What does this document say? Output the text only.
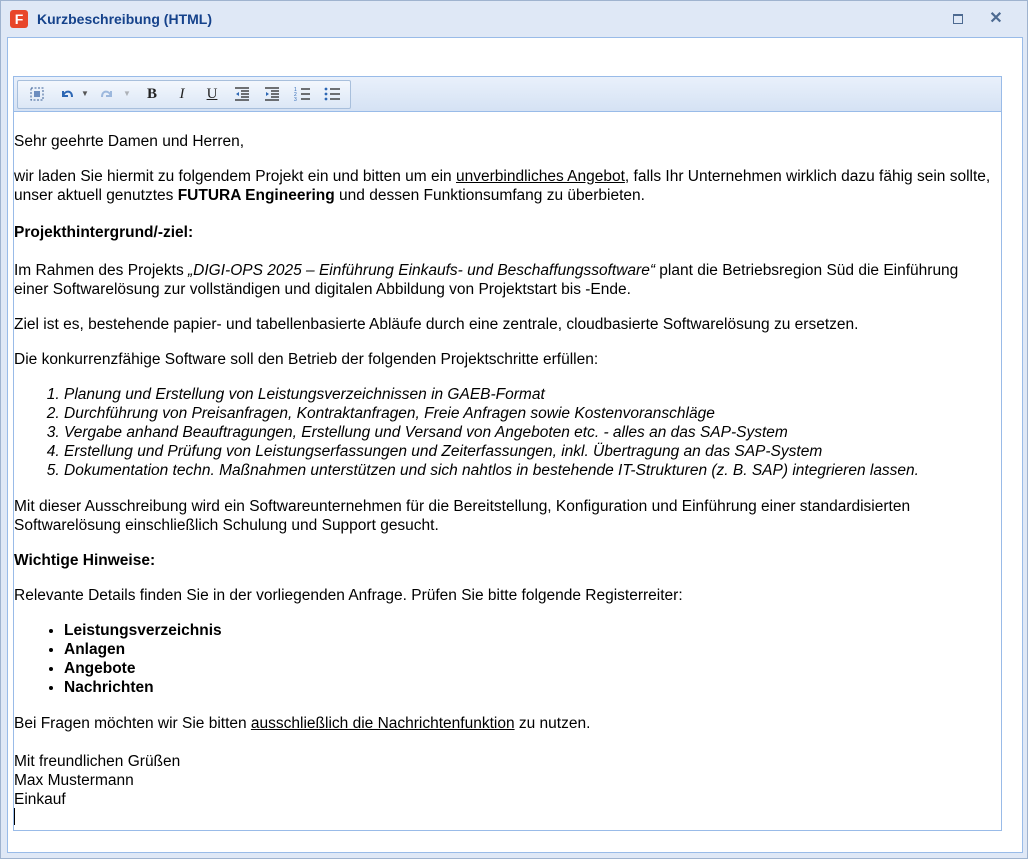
F Kurzbeschreibung (HTML)	✕
▼	▼	B	I	U	1
2
3

Sehr geehrte Damen und Herren,

wir laden Sie hiermit zu folgendem Projekt ein und bitten um ein unverbindliches Angebot, falls Ihr Unternehmen wirklich dazu fähig sein sollte, unser aktuell genutztes FUTURA Engineering und dessen Funktionsumfang zu überbieten.

Projekthintergrund/-ziel:

Im Rahmen des Projekts „DIGI-OPS 2025 – Einführung Einkaufs- und Beschaffungssoftware“ plant die Betriebsregion Süd die Einführung einer Softwarelösung zur vollständigen und digitalen Abbildung von Projektstart bis -Ende.

Ziel ist es, bestehende papier- und tabellenbasierte Abläufe durch eine zentrale, cloudbasierte Softwarelösung zu ersetzen.

Die konkurrenzfähige Software soll den Betrieb der folgenden Projektschritte erfüllen:

1. Planung und Erstellung von Leistungsverzeichnissen in GAEB-Format
2. Durchführung von Preisanfragen, Kontraktanfragen, Freie Anfragen sowie Kostenvoranschläge
3. Vergabe anhand Beauftragungen, Erstellung und Versand von Angeboten etc. - alles an das SAP-System
4. Erstellung und Prüfung von Leistungserfassungen und Zeiterfassungen, inkl. Übertragung an das SAP-System
5. Dokumentation techn. Maßnahmen unterstützen und sich nahtlos in bestehende IT-Strukturen (z. B. SAP) integrieren lassen.

Mit dieser Ausschreibung wird ein Softwareunternehmen für die Bereitstellung, Konfiguration und Einführung einer standardisierten Softwarelösung einschließlich Schulung und Support gesucht.

Wichtige Hinweise:

Relevante Details finden Sie in der vorliegenden Anfrage. Prüfen Sie bitte folgende Registerreiter:

• Leistungsverzeichnis
• Anlagen
• Angebote
• Nachrichten

Bei Fragen möchten wir Sie bitten ausschließlich die Nachrichtenfunktion zu nutzen.

Mit freundlichen Grüßen

Max Mustermann

Einkauf
